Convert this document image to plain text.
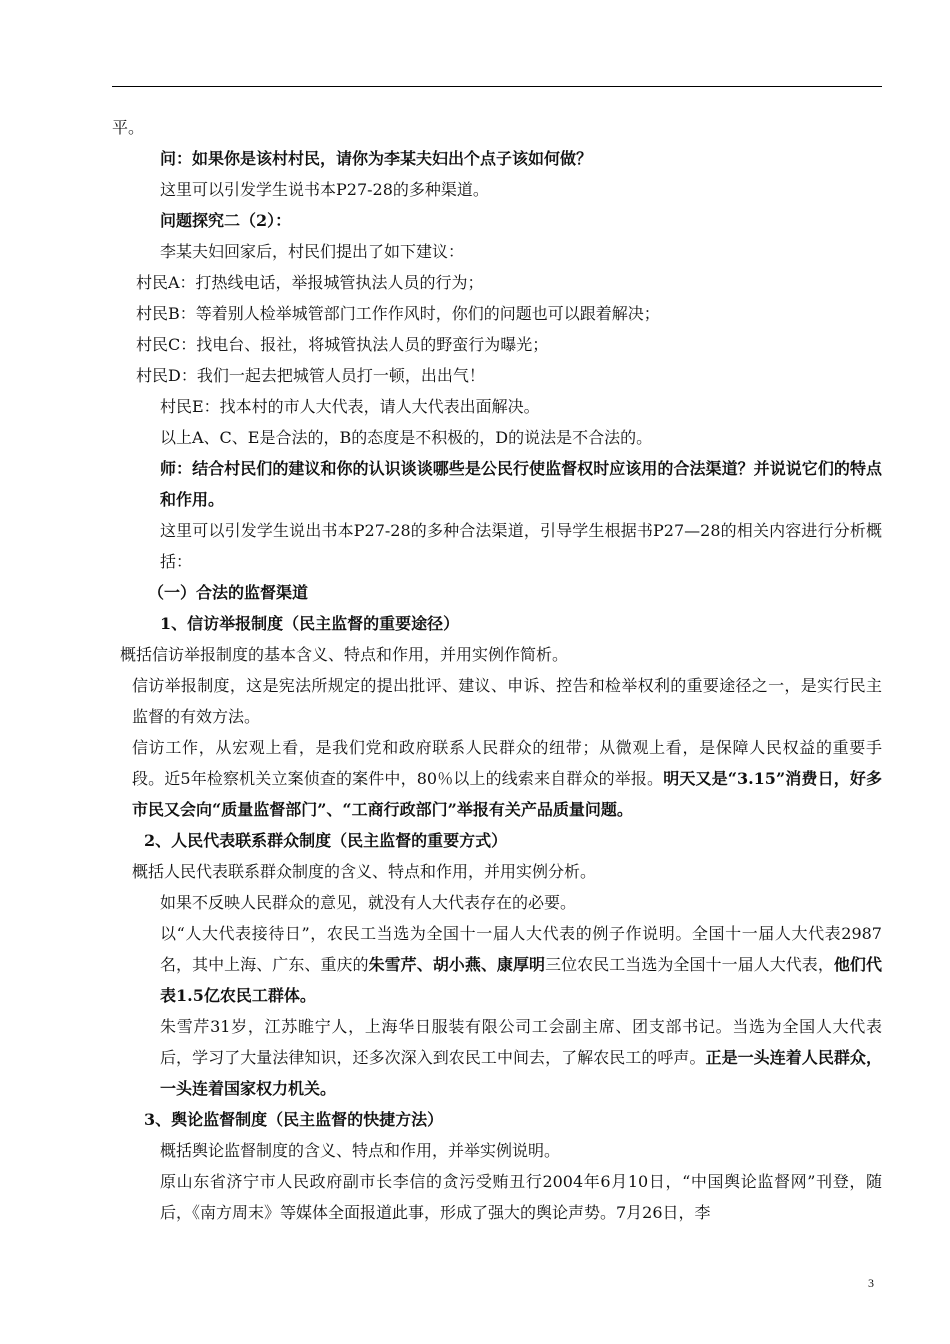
平。

问：如果你是该村村民，请你为李某夫妇出个点子该如何做？

这里可以引发学生说书本P27-28的多种渠道。

问题探究二（2）：

李某夫妇回家后，村民们提出了如下建议：

村民A：打热线电话，举报城管执法人员的行为；

村民B：等着别人检举城管部门工作作风时，你们的问题也可以跟着解决；

村民C：找电台、报社，将城管执法人员的野蛮行为曝光；

村民D：我们一起去把城管人员打一顿，出出气！

村民E：找本村的市人大代表，请人大代表出面解决。

以上A、C、E是合法的，B的态度是不积极的，D的说法是不合法的。

师：结合村民们的建议和你的认识谈谈哪些是公民行使监督权时应该用的合法渠道？并说说它们的特点和作用。

这里可以引发学生说出书本P27-28的多种合法渠道，引导学生根据书P27—28的相关内容进行分析概括：

（一）合法的监督渠道

1、信访举报制度（民主监督的重要途径）

概括信访举报制度的基本含义、特点和作用，并用实例作简析。

信访举报制度，这是宪法所规定的提出批评、建议、申诉、控告和检举权利的重要途径之一，是实行民主监督的有效方法。

信访工作，从宏观上看，是我们党和政府联系人民群众的纽带；从微观上看，是保障人民权益的重要手段。近5年检察机关立案侦查的案件中，80％以上的线索来自群众的举报。明天又是“3.15”消费日，好多市民又会向“质量监督部门”、“工商行政部门”举报有关产品质量问题。

2、人民代表联系群众制度（民主监督的重要方式）

概括人民代表联系群众制度的含义、特点和作用，并用实例分析。

如果不反映人民群众的意见，就没有人大代表存在的必要。

以“人大代表接待日”，农民工当选为全国十一届人大代表的例子作说明。全国十一届人大代表2987名，其中上海、广东、重庆的朱雪芹、胡小燕、康厚明三位农民工当选为全国十一届人大代表，他们代表1.5亿农民工群体。

朱雪芹31岁，江苏睢宁人，上海华日服装有限公司工会副主席、团支部书记。当选为全国人大代表后，学习了大量法律知识，还多次深入到农民工中间去，了解农民工的呼声。正是一头连着人民群众，一头连着国家权力机关。

3、舆论监督制度（民主监督的快捷方法）

概括舆论监督制度的含义、特点和作用，并举实例说明。

原山东省济宁市人民政府副市长李信的贪污受贿丑行2004年6月10日，“中国舆论监督网”刊登，随后，《南方周末》等媒体全面报道此事，形成了强大的舆论声势。7月26日，李

3
